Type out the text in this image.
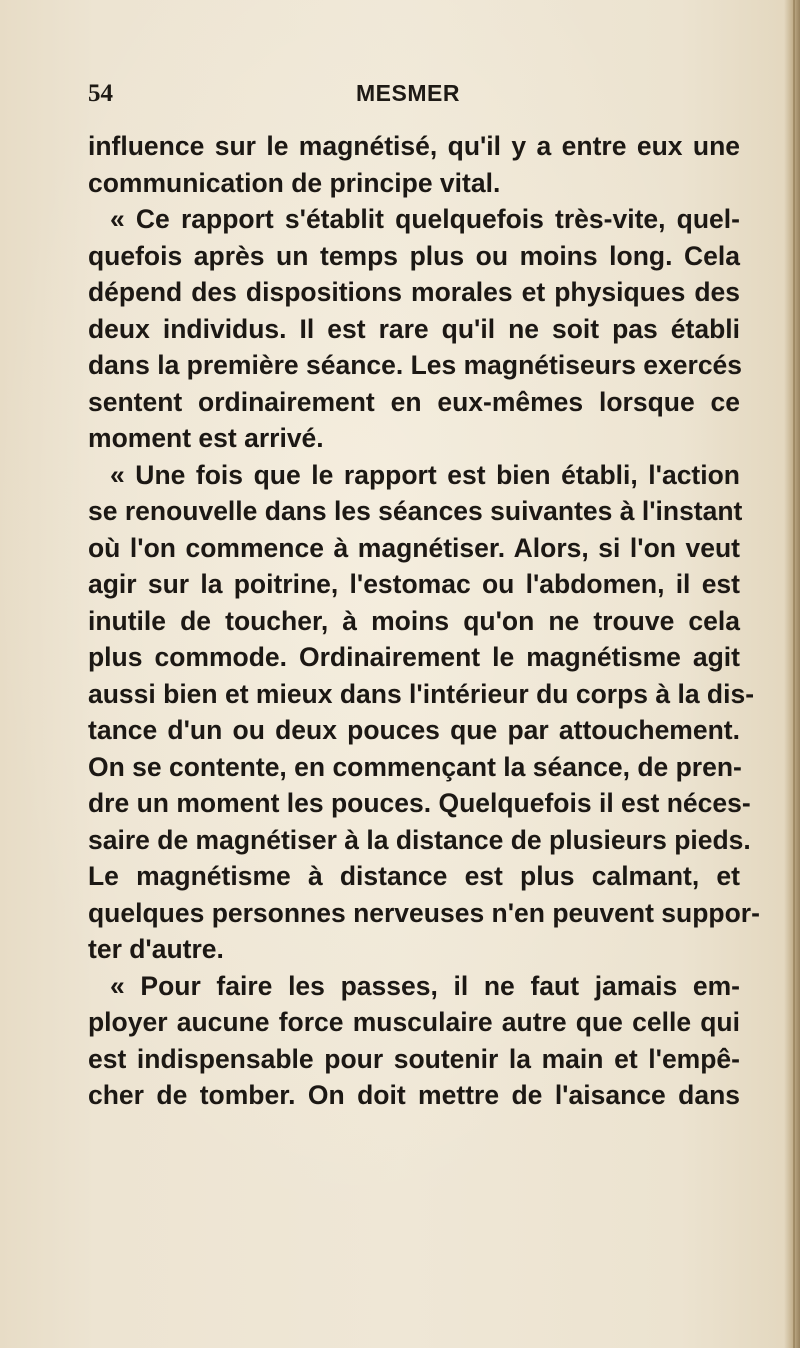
54	MESMER
influence sur le magnétisé, qu'il y a entre eux une
communication de principe vital.
« Ce rapport s'établit quelquefois très-vite, quel-
quefois après un temps plus ou moins long. Cela
dépend des dispositions morales et physiques des
deux individus. Il est rare qu'il ne soit pas établi
dans la première séance. Les magnétiseurs exercés
sentent ordinairement en eux-mêmes lorsque ce
moment est arrivé.
« Une fois que le rapport est bien établi, l'action
se renouvelle dans les séances suivantes à l'instant
où l'on commence à magnétiser. Alors, si l'on veut
agir sur la poitrine, l'estomac ou l'abdomen, il est
inutile de toucher, à moins qu'on ne trouve cela
plus commode. Ordinairement le magnétisme agit
aussi bien et mieux dans l'intérieur du corps à la dis-
tance d'un ou deux pouces que par attouchement.
On se contente, en commençant la séance, de pren-
dre un moment les pouces. Quelquefois il est néces-
saire de magnétiser à la distance de plusieurs pieds.
Le magnétisme à distance est plus calmant, et
quelques personnes nerveuses n'en peuvent suppor-
ter d'autre.
« Pour faire les passes, il ne faut jamais em-
ployer aucune force musculaire autre que celle qui
est indispensable pour soutenir la main et l'empê-
cher de tomber. On doit mettre de l'aisance dans
